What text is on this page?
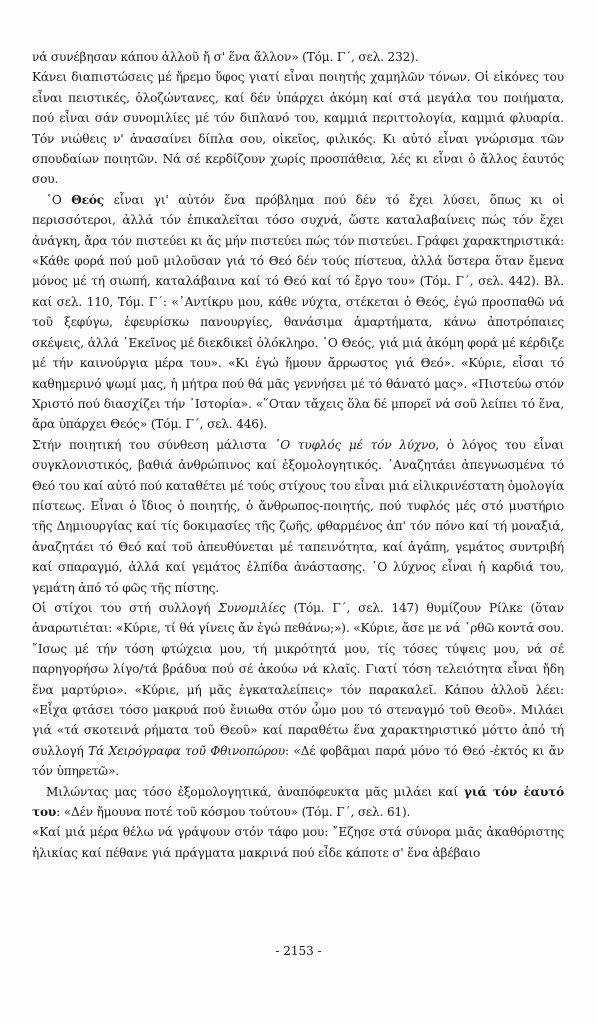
νά συνέβησαν κάπου ἀλλοῦ ἤ σ' ἕνα ἄλλον» (Τόμ. Γ΄, σελ. 232).

Κάνει διαπιστώσεις μέ ἤρεμο ὕφος γιατί εἶναι ποιητής χαμηλῶν τόνων. Οἱ εἰκόνες του εἶναι πειστικές, ὁλοζώντανες, καί δέν ὑπάρχει ἀκόμη καί στά μεγάλα του ποιήματα, πού εἶναι σάν συνομιλίες μέ τόν διπλανό του, καμμιά περιττολογία, καμμιά φλυαρία. Τόν νιώθεις ν' ἀνασαίνει δίπλα σου, οἰκεῖος, φιλικός. Κι αὐτό εἶναι γνώρισμα τῶν σπουδαίων ποιητῶν. Νά σέ κερδίζουν χωρίς προσπάθεια, λές κι εἶναι ὁ ἄλλος ἑαυτός σου.

῾Ο Θεός εἶναι γι' αὐτόν ἕνα πρόβλημα πού δέν τό ἔχει λύσει, ὅπως κι οἱ περισσότεροι, ἀλλά τόν ἐπικαλεῖται τόσο συχνά, ὥστε καταλαβαίνεις πώς τόν ἔχει ἀνάγκη, ἄρα τόν πιστεύει κι ἄς μήν πιστεύει πώς τόν πιστεύει. Γράφει χαρακτηριστικά: «Κάθε φορά πού μοῦ μιλοῦσαν γιά τό Θεό δέν τούς πίστευα, ἀλλά ὕστερα ὅταν ἔμενα μόνος μέ τή σιωπή, καταλάβαινα καί τό Θεό καί τό ἔργο του» (Τόμ. Γ΄, σελ. 442). Βλ. καί σελ. 110, Τόμ. Γ΄: «᾿Αντίκρυ μου, κάθε νύχτα, στέκεται ὁ Θεός, ἐγώ προσπαθῶ νά τοῦ ξεφύγω, ἐφευρίσκω πανουργίες, θανάσιμα ἁμαρτήματα, κάνω ἀποτρόπαιες σκέψεις, ἀλλά ᾿Εκεῖνος μέ διεκδικεῖ ὁλόκληρο. ῾Ο Θεός, γιά μιά ἀκόμη φορά μέ κέρδιζε μέ τήν καινούργια μέρα του». «Κι ἐγώ ἤμουν ἄρρωστος γιά Θεό». «Κύριε, εἶσαι τό καθημερινό ψωμί μας, ἡ μήτρα πού θά μᾶς γεννήσει μέ τό θάνατό μας». «Πιστεύω στόν Χριστό πού διασχίζει τήν ᾿Ιστορία». «῞Οταν τἄχεις ὅλα δέ μπορεῖ νά σοῦ λείπει τό ἕνα, ἄρα ὑπάρχει Θεός» (Τόμ. Γ΄, σελ. 446).

Στήν ποιητική του σύνθεση μάλιστα ῾Ο τυφλός μέ τόν λύχνο, ὁ λόγος του εἶναι συγκλονιστικός, βαθιά ἀνθρώπινος καί ἐξομολογητικός. ᾿Αναζητάει ἀπεγνωσμένα τό Θεό του καί αὐτό πού καταθέτει μέ τούς στίχους του εἶναι μιά εἰλικρινέστατη ὁμολογία πίστεως. Εἶναι ὁ ἴδιος ὁ ποιητής, ὁ ἄνθρωπος-ποιητής, πού τυφλός μές στό μυστήριο τῆς Δημιουργίας καί τίς δοκιμασίες τῆς ζωῆς, φθαρμένος ἀπ' τόν πόνο καί τή μοναξιά, ἀναζητάει τό Θεό καί τοῦ ἀπευθύνεται μέ ταπεινότητα, καί ἀγάπη, γεμάτος συντριβή καί σπαραγμό, ἀλλά καί γεμάτος ἐλπίδα ἀνάστασης. ῾Ο λύχνος εἶναι ἡ καρδιά του, γεμάτη ἀπό τό φῶς τῆς πίστης.

Οἱ στίχοι του στή συλλογή Συνομιλίες (Τόμ. Γ΄, σελ. 147) θυμίζουν Ρίλκε (ὅταν ἀναρωτιέται: «Κύριε, τί θά γίνεις ἄν ἐγώ πεθάνω;»). «Κύριε, ἄσε με νά ῾ρθῶ κοντά σου. ῎Ισως μέ τήν τόση φτώχεια μου, τή μικρότητά μου, τίς τόσες τύψεις μου, νά σέ παρηγορήσω λίγο/τά βράδυα πού σέ ἀκούω νά κλαῖς. Γιατί τόση τελειότητα εἶναι ἤδη ἕνα μαρτύριο». «Κύριε, μή μᾶς ἐγκαταλείπεις» τόν παρακαλεῖ. Κάπου ἀλλοῦ λέει: «Εἶχα φτάσει τόσο μακρυά πού ἔνιωθα στόν ὦμο μου τό στεναγμό τοῦ Θεοῦ». Μιλάει γιά «τά σκοτεινά ρήματα τοῦ Θεοῦ» καί παραθέτω ἕνα χαρακτηριστικό μόττο ἀπό τή συλλογή Τά Χειρόγραφα τοῦ Φθινοπώρου: «Δέ φοβᾶμαι παρά μόνο τό Θεό -ἐκτός κι ἄν τόν ὑπηρετῶ».

Μιλώντας μας τόσο ἐξομολογητικά, ἀναπόφευκτα μᾶς μιλάει καί γιά τόν ἑαυτό του: «Δέν ἤμουνα ποτέ τοῦ κόσμου τούτου» (Τόμ. Γ΄, σελ. 61).

«Καί μιά μέρα θέλω νά γράψουν στόν τάφο μου: ῎Εζησε στά σύνορα μιᾶς ἀκαθόριστης ἡλικίας καί πέθανε γιά πράγματα μακρινά πού εἶδε κάποτε σ' ἕνα ἀβέβαιο

- 2153 -
